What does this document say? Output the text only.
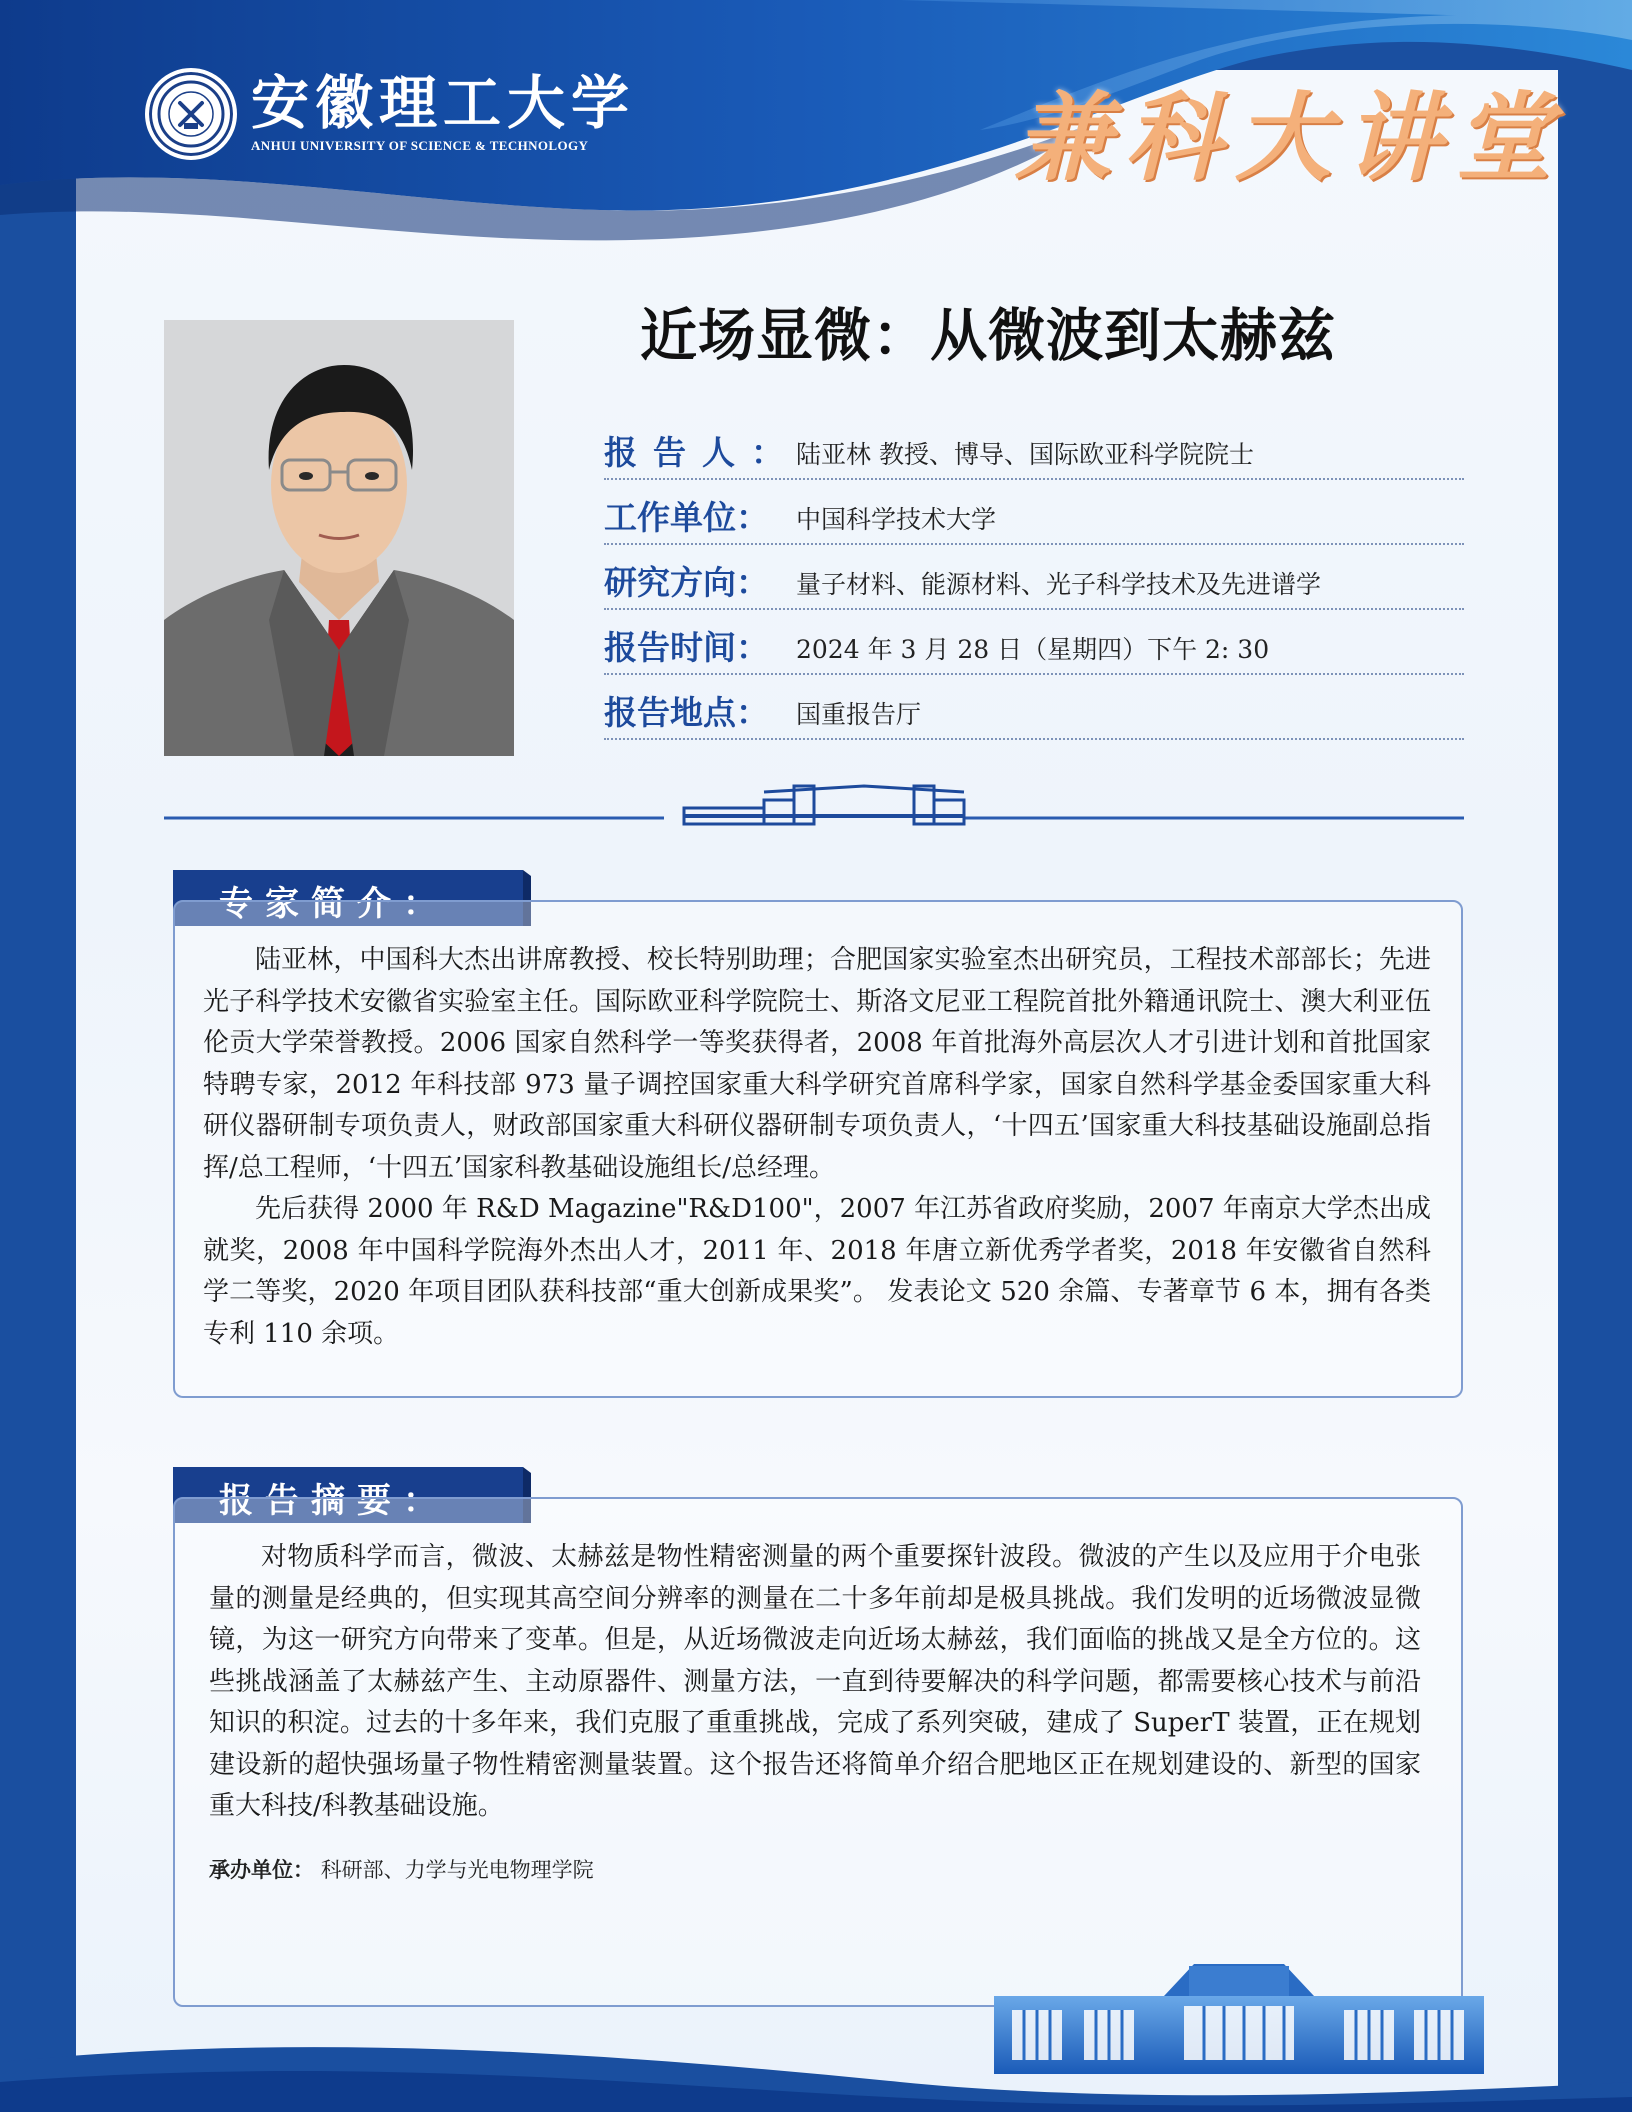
安徽理工大学
ANHUI UNIVERSITY OF SCIENCE & TECHNOLOGY	兼科大讲堂
近场显微：从微波到太赫兹
报告人：
陆亚林 教授、博导、国际欧亚科学院院士
工作单位：	中国科学技术大学
研究方向：	量子材料、能源材料、光子科学技术及先进谱学
报告时间：	2024 年 3 月 28 日（星期四）下午 2: 30
报告地点：	国重报告厅
专家简介：

陆亚林，中国科大杰出讲席教授、校长特别助理；合肥国家实验室杰出研究员，工程技术部部长；先进光子科学技术安徽省实验室主任。国际欧亚科学院院士、斯洛文尼亚工程院首批外籍通讯院士、澳大利亚伍伦贡大学荣誉教授。2006 国家自然科学一等奖获得者，2008 年首批海外高层次人才引进计划和首批国家特聘专家，2012 年科技部 973 量子调控国家重大科学研究首席科学家，国家自然科学基金委国家重大科研仪器研制专项负责人，财政部国家重大科研仪器研制专项负责人，‘十四五’国家重大科技基础设施副总指挥/总工程师，‘十四五’国家科教基础设施组长/总经理。

先后获得 2000 年 R&D Magazine"R&D100"，2007 年江苏省政府奖励，2007 年南京大学杰出成就奖，2008 年中国科学院海外杰出人才，2011 年、2018 年唐立新优秀学者奖，2018 年安徽省自然科学二等奖，2020 年项目团队获科技部“重大创新成果奖”。 发表论文 520 余篇、专著章节 6 本，拥有各类专利 110 余项。

报告摘要：

对物质科学而言，微波、太赫兹是物性精密测量的两个重要探针波段。微波的产生以及应用于介电张量的测量是经典的，但实现其高空间分辨率的测量在二十多年前却是极具挑战。我们发明的近场微波显微镜，为这一研究方向带来了变革。但是，从近场微波走向近场太赫兹，我们面临的挑战又是全方位的。这些挑战涵盖了太赫兹产生、主动原器件、测量方法，一直到待要解决的科学问题，都需要核心技术与前沿知识的积淀。过去的十多年来，我们克服了重重挑战，完成了系列突破，建成了 SuperT 装置，正在规划建设新的超快强场量子物性精密测量装置。这个报告还将简单介绍合肥地区正在规划建设的、新型的国家重大科技/科教基础设施。

承办单位： 科研部、力学与光电物理学院
